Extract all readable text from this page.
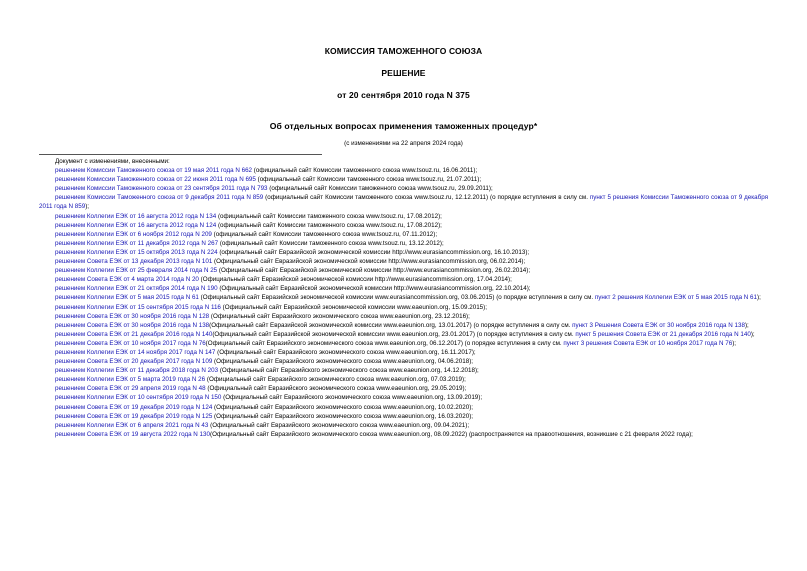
КОМИССИЯ ТАМОЖЕННОГО СОЮЗА
РЕШЕНИЕ
от 20 сентября 2010 года N 375
Об отдельных вопросах применения таможенных процедур*
(с изменениями на 22 апреля 2024 года)
Документ с изменениями, внесенными:
решением Комиссии Таможенного союза от 19 мая 2011 года N 662 (официальный сайт Комиссии таможенного союза www.tsouz.ru, 16.06.2011);
решением Комиссии Таможенного союза от 22 июня 2011 года N 695 (официальный сайт Комиссии таможенного союза www.tsouz.ru, 21.07.2011);
решением Комиссии Таможенного союза от 23 сентября 2011 года N 793 (официальный сайт Комиссии таможенного союза www.tsouz.ru, 29.09.2011);
решением Комиссии Таможенного союза от 9 декабря 2011 года N 859 (официальный сайт Комиссии таможенного союза www.tsouz.ru, 12.12.2011) (о порядке вступления в силу см. пункт 5 решения Комиссии Таможенного союза от 9 декабря 2011 года N 859);
решением Коллегии ЕЭК от 16 августа 2012 года N 134 (официальный сайт Комиссии таможенного союза www.tsouz.ru, 17.08.2012);
решением Коллегии ЕЭК от 16 августа 2012 года N 124 (официальный сайт Комиссии таможенного союза www.tsouz.ru, 17.08.2012);
решением Коллегии ЕЭК от 6 ноября 2012 года N 209 (официальный сайт Комиссии таможенного союза www.tsouz.ru, 07.11.2012);
решением Коллегии ЕЭК от 11 декабря 2012 года N 267 (официальный сайт Комиссии таможенного союза www.tsouz.ru, 13.12.2012);
решением Коллегии ЕЭК от 15 октября 2013 года N 224 (официальный сайт Евразийской экономической комиссии http://www.eurasiancommission.org, 16.10.2013);
решением Совета ЕЭК от 13 декабря 2013 года N 101 (Официальный сайт Евразийской экономической комиссии http://www.eurasiancommission.org, 06.02.2014);
решением Коллегии ЕЭК от 25 февраля 2014 года N 25 (Официальный сайт Евразийской экономической комиссии http://www.eurasiancommission.org, 26.02.2014);
решением Совета ЕЭК от 4 марта 2014 года N 20 (Официальный сайт Евразийской экономической комиссии http://www.eurasiancommission.org, 17.04.2014);
решением Коллегии ЕЭК от 21 октября 2014 года N 190 (Официальный сайт Евразийской экономической комиссии http://www.eurasiancommission.org, 22.10.2014);
решением Коллегии ЕЭК от 5 мая 2015 года N 61 (Официальный сайт Евразийской экономической комиссии www.eurasiancommission.org, 03.06.2015) (о порядке вступления в силу см. пункт 2 решения Коллегии ЕЭК от 5 мая 2015 года N 61);
решением Коллегии ЕЭК от 15 сентября 2015 года N 116 (Официальный сайт Евразийской экономической комиссии www.eaeunion.org, 15.09.2015);
решением Совета ЕЭК от 30 ноября 2016 года N 128 (Официальный сайт Евразийского экономического союза www.eaeunion.org, 23.12.2016);
решением Совета ЕЭК от 30 ноября 2016 года N 138(Официальный сайт Евразийской экономической комиссии www.eaeunion.org, 13.01.2017) (о порядке вступления в силу см. пункт 3 Решения Совета ЕЭК от 30 ноября 2016 года N 138);
решением Совета ЕЭК от 21 декабря 2016 года N 140(Официальный сайт Евразийской экономической комиссии www.eaeunion.org, 23.01.2017) (о порядке вступления в силу см. пункт 5 решения Совета ЕЭК от 21 декабря 2016 года N 140);
решением Совета ЕЭК от 10 ноября 2017 года N 76(Официальный сайт Евразийского экономического союза www.eaeunion.org, 06.12.2017) (о порядке вступления в силу см. пункт 3 решения Совета ЕЭК от 10 ноября 2017 года N 76);
решением Коллегии ЕЭК от 14 ноября 2017 года N 147 (Официальный сайт Евразийского экономического союза www.eaeunion.org, 16.11.2017);
решением Совета ЕЭК от 20 декабря 2017 года N 109 (Официальный сайт Евразийского экономического союза www.eaeunion.org, 04.06.2018);
решением Коллегии ЕЭК от 11 декабря 2018 года N 203 (Официальный сайт Евразийского экономического союза www.eaeunion.org, 14.12.2018);
решением Коллегии ЕЭК от 5 марта 2019 года N 26 (Официальный сайт Евразийского экономического союза www.eaeunion.org, 07.03.2019);
решением Совета ЕЭК от 29 апреля 2019 года N 48 (Официальный сайт Евразийского экономического союза www.eaeunion.org, 29.05.2019);
решением Коллегии ЕЭК от 10 сентября 2019 года N 150 (Официальный сайт Евразийского экономического союза www.eaeunion.org, 13.09.2019);
решением Совета ЕЭК от 19 декабря 2019 года N 124 (Официальный сайт Евразийского экономического союза www.eaeunion.org, 10.02.2020);
решением Совета ЕЭК от 19 декабря 2019 года N 125 (Официальный сайт Евразийского экономического союза www.eaeunion.org, 16.03.2020);
решением Коллегии ЕЭК от 6 апреля 2021 года N 43 (Официальный сайт Евразийского экономического союза www.eaeunion.org, 09.04.2021);
решением Совета ЕЭК от 19 августа 2022 года N 130(Официальный сайт Евразийского экономического союза www.eaeunion.org, 08.09.2022) (распространяется на правоотношения, возникшие с 21 февраля 2022 года);
